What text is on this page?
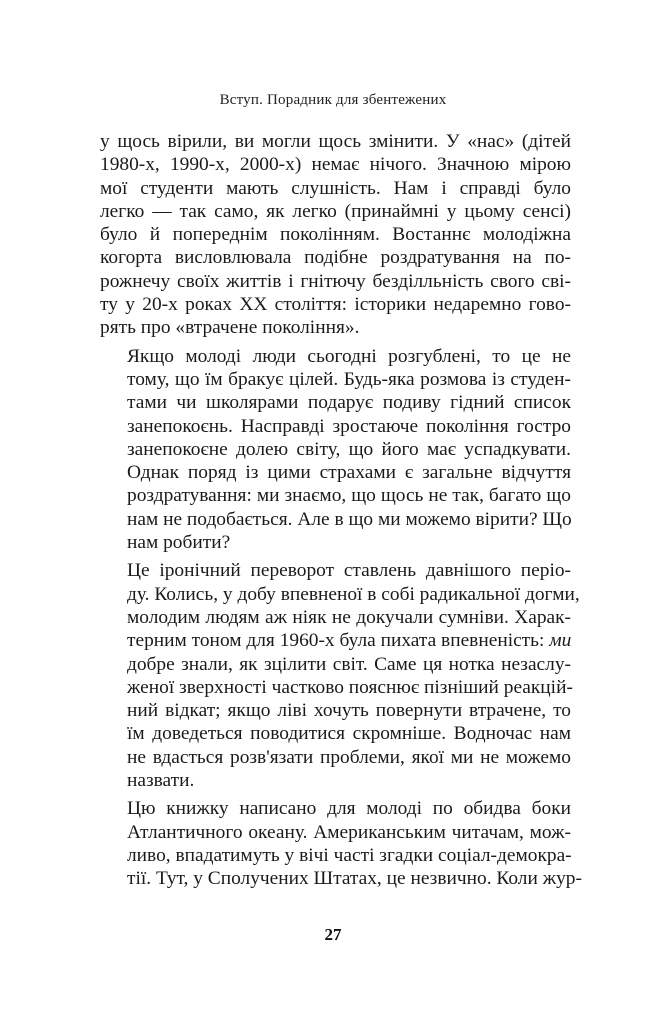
Вступ. Порадник для збентежених

у щось вірили, ви могли щось змінити. У «нас» (дітей
1980-х, 1990-х, 2000-х) немає нічого. Значною мірою
мої студенти мають слушність. Нам і справді було
легко — так само, як легко (принаймні у цьому сенсі)
було й попереднім поколінням. Востаннє молодіжна
когорта висловлювала подібне роздратування на по-
рожнечу своїх життів і гнітючу безділльність свого сві-
ту у 20-х роках XX століття: історики недаремно гово-
рять про «втрачене покоління».

Якщо молоді люди сьогодні розгублені, то це не
тому, що їм бракує цілей. Будь-яка розмова із студен-
тами чи школярами подарує подиву гідний список
занепокоєнь. Насправді зростаюче покоління гостро
занепокоєне долею світу, що його має успадкувати.
Однак поряд із цими страхами є загальне відчуття
роздратування: ми знаємо, що щось не так, багато що
нам не подобається. Але в що ми можемо вірити? Що
нам робити?

Це іронічний переворот ставлень давнішого періо-
ду. Колись, у добу впевненої в собі радикальної догми,
молодим людям аж ніяк не докучали сумніви. Харак-
терним тоном для 1960-х була пихата впевненість: ми
добре знали, як зцілити світ. Саме ця нотка незаслу-
женої зверхності частково пояснює пізніший реакцій-
ний відкат; якщо ліві хочуть повернути втрачене, то
їм доведеться поводитися скромніше. Водночас нам
не вдасться розв'язати проблеми, якої ми не можемо
назвати.

Цю книжку написано для молоді по обидва боки
Атлантичного океану. Американським читачам, мож-
ливо, впадатимуть у вічі часті згадки соціал-демокра-
тії. Тут, у Сполучених Штатах, це незвично. Коли жур-

27
